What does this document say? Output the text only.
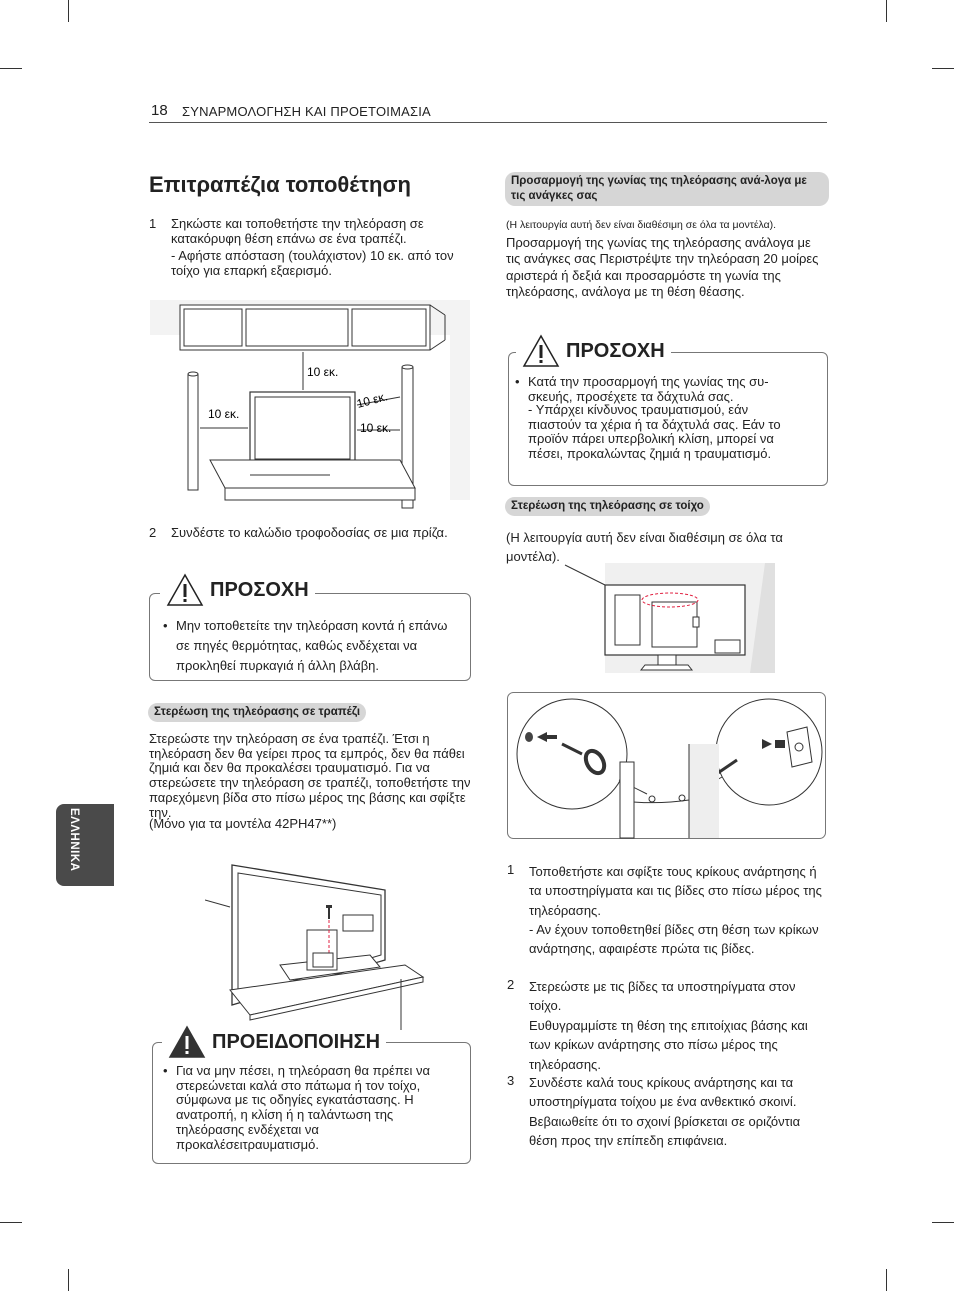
18 ΣΥΝΑΡΜΟΛΟΓΗΣΗ ΚΑΙ ΠΡΟΕΤΟΙΜΑΣΙΑ
ΕΛΛΗΝΙΚΑ
Επιτραπέζια τοποθέτηση
1 Σηκώστε και τοποθετήστε την τηλεόραση σε κατακόρυφη θέση επάνω σε ένα τραπέζι.
- Αφήστε απόσταση (τουλάχιστον) 10 εκ. από τον τοίχο για επαρκή εξαερισμό.
10 εκ.
10 εκ.
10 εκ.
10 εκ.
2 Συνδέστε το καλώδιο τροφοδοσίας σε μια πρίζα.
ΠΡΟΣΟΧΗ
• Μην τοποθετείτε την τηλεόραση κοντά ή επάνω σε πηγές θερμότητας, καθώς ενδέχεται να προκληθεί πυρκαγιά ή άλλη βλάβη.
Στερέωση της τηλεόρασης σε τραπέζι
Στερεώστε την τηλεόραση σε ένα τραπέζι. Έτσι η τηλεόραση δεν θα γείρει προς τα εμπρός, δεν θα πάθει ζημιά και δεν θα προκαλέσει τραυματισμό. Για να στερεώσετε την τηλεόραση σε τραπέζι, τοποθετήστε την παρεχόμενη βίδα στο πίσω μέρος της βάσης και σφίξτε την.
(Μόνο για τα μοντέλα 42PH47**)
ΠΡΟΕΙΔΟΠΟΙΗΣΗ
• Για να μην πέσει, η τηλεόραση θα πρέπει να στερεώνεται καλά στο πάτωμα ή τον τοίχο, σύμφωνα με τις οδηγίες εγκατάστασης. Η ανατροπή, η κλίση ή η ταλάντωση της τηλεόρασης ενδέχεται να προκαλέσειτραυματισμό.
Προσαρμογή της γωνίας της τηλεόρασης ανά-λογα με τις ανάγκες σας
(Η λειτουργία αυτή δεν είναι διαθέσιμη σε όλα τα μοντέλα).
Προσαρμογή της γωνίας της τηλεόρασης ανάλογα με τις ανάγκες σας Περιστρέψτε την τηλεόραση 20 μοίρες αριστερά ή δεξιά και προσαρμόστε τη γωνία της τηλεόρασης, ανάλογα με τη θέση θέασης.
ΠΡΟΣΟΧΗ
• Κατά την προσαρμογή της γωνίας της συ-σκευής, προσέχετε τα δάχτυλά σας.
- Υπάρχει κίνδυνος τραυματισμού, εάν πιαστούν τα χέρια ή τα δάχτυλά σας. Εάν το προϊόν πάρει υπερβολική κλίση, μπορεί να πέσει, προκαλώντας ζημιά η τραυματισμό.
Στερέωση της τηλεόρασης σε τοίχο
(Η λειτουργία αυτή δεν είναι διαθέσιμη σε όλα τα μοντέλα).
1 Τοποθετήστε και σφίξτε τους κρίκους ανάρτησης ή τα υποστηρίγματα και τις βίδες στο πίσω μέρος της τηλεόρασης.
- Αν έχουν τοποθετηθεί βίδες στη θέση των κρίκων ανάρτησης, αφαιρέστε πρώτα τις βίδες.
2 Στερεώστε με τις βίδες τα υποστηρίγματα στον τοίχο.
Ευθυγραμμίστε τη θέση της επιτοίχιας βάσης και των κρίκων ανάρτησης στο πίσω μέρος της τηλεόρασης.
3 Συνδέστε καλά τους κρίκους ανάρτησης και τα υποστηρίγματα τοίχου με ένα ανθεκτικό σκοινί. Βεβαιωθείτε ότι το σχοινί βρίσκεται σε οριζόντια θέση προς την επίπεδη επιφάνεια.
